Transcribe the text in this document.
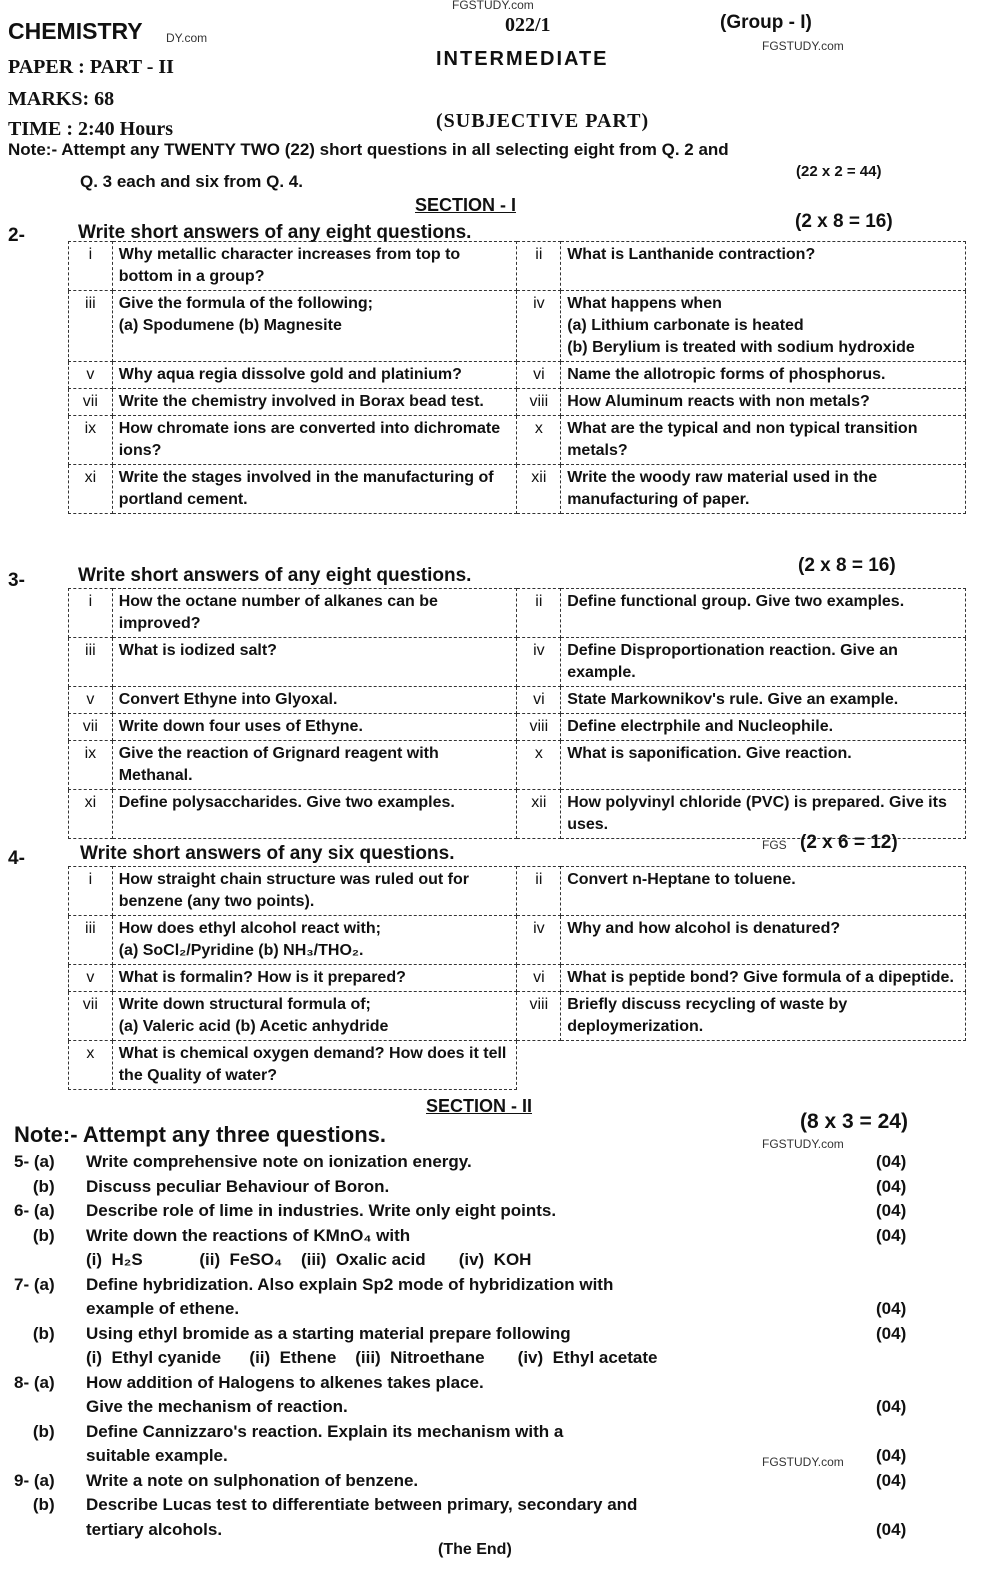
FGSTUDY.com
CHEMISTRY DY.com
022/1	(Group - I)
FGSTUDY.com
PAPER : PART - II	INTERMEDIATE
MARKS: 68
TIME : 2:40 Hours	(SUBJECTIVE PART)
Note:- Attempt any TWENTY TWO (22) short questions in all selecting eight from Q. 2 and
Q. 3 each and six from Q. 4.
(22 x 2 = 44)
SECTION - I
2-	Write short answers of any eight questions.
(2 x 8 = 16)
i	Why metallic character increases from top to bottom in a group?	ii	What is Lanthanide contraction?
iii	Give the formula of the following;
(a) Spodumene (b) Magnesite	iv	What happens when
(a) Lithium carbonate is heated
(b) Berylium is treated with sodium hydroxide
v	Why aqua regia dissolve gold and platinium?	vi	Name the allotropic forms of phosphorus.
vii	Write the chemistry involved in Borax bead test.	viii	How Aluminum reacts with non metals?
ix	How chromate ions are converted into dichromate ions?	x	What are the typical and non typical transition metals?
xi	Write the stages involved in the manufacturing of portland cement.	xii	Write the woody raw material used in the manufacturing of paper.
3-	Write short answers of any eight questions.	(2 x 8 = 16)
i	How the octane number of alkanes can be improved?	ii	Define functional group. Give two examples.
iii	What is iodized salt?	iv	Define Disproportionation reaction. Give an example.
v	Convert Ethyne into Glyoxal.	vi	State Markownikov's rule. Give an example.
vii	Write down four uses of Ethyne.	viii	Define electrphile and Nucleophile.
ix	Give the reaction of Grignard reagent with Methanal.	x	What is saponification. Give reaction.
xi	Define polysaccharides. Give two examples.	xii	How polyvinyl chloride (PVC) is prepared. Give its uses.
4-	Write short answers of any six questions.	FGS (2 x 6 = 12)
i	How straight chain structure was ruled out for benzene (any two points).	ii	Convert n-Heptane to toluene.
iii	How does ethyl alcohol react with;
(a) SoCl₂/Pyridine (b) NH₃/THO₂.	iv	Why and how alcohol is denatured?
v	What is formalin? How is it prepared?	vi	What is peptide bond? Give formula of a dipeptide.
vii	Write down structural formula of;
(a) Valeric acid (b) Acetic anhydride	viii	Briefly discuss recycling of waste by deploymerization.
x	What is chemical oxygen demand? How does it tell the Quality of water?		
SECTION - II
(8 x 3 = 24)
Note:- Attempt any three questions.	FGSTUDY.com
5- (a)	Write comprehensive note on ionization energy.	(04)
(b)	Discuss peculiar Behaviour of Boron.	(04)
6- (a)	Describe role of lime in industries. Write only eight points.	(04)
(b)	Write down the reactions of KMnO₄ with	(04)
(i)  H₂S            (ii)  FeSO₄    (iii)  Oxalic acid       (iv)  KOH
7- (a)	Define hybridization. Also explain Sp2 mode of hybridization with
example of ethene.	(04)
(b)	Using ethyl bromide as a starting material prepare following	(04)
(i)  Ethyl cyanide      (ii)  Ethene    (iii)  Nitroethane       (iv)  Ethyl acetate
8- (a)	How addition of Halogens to alkenes takes place.
Give the mechanism of reaction.	(04)
(b)	Define Cannizzaro's reaction. Explain its mechanism with a
suitable example.	(04)
9- (a)	Write a note on sulphonation of benzene.	(04)
(b)	Describe Lucas test to differentiate between primary, secondary and
tertiary alcohols.	(04)
FGSTUDY.com
(The End)
